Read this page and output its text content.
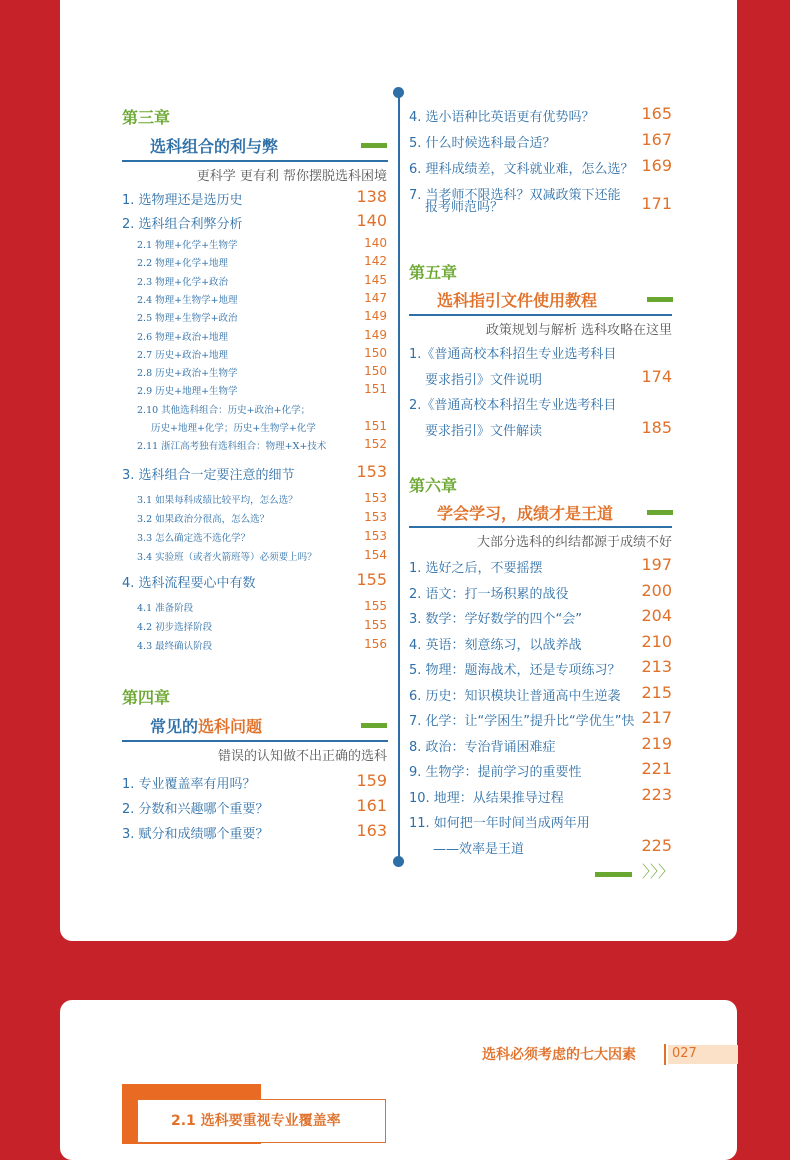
第三章
选科组合的利与弊
更科学 更有利 帮你摆脱选科困境
1. 选物理还是选历史	138
2. 选科组合利弊分析	140
2.1 物理+化学+生物学	140
2.2 物理+化学+地理	142
2.3 物理+化学+政治	145
2.4 物理+生物学+地理	147
2.5 物理+生物学+政治	149
2.6 物理+政治+地理	149
2.7 历史+政治+地理	150
2.8 历史+政治+生物学	150
2.9 历史+地理+生物学	151
2.10 其他选科组合：历史+政治+化学；
历史+地理+化学；历史+生物学+化学	151
2.11 浙江高考独有选科组合：物理+X+技术	152
3. 选科组合一定要注意的细节	153
3.1 如果每科成绩比较平均，怎么选？	153
3.2 如果政治分很高，怎么选？	153
3.3 怎么确定选不选化学？	153
3.4 实验班（或者火箭班等）必须要上吗？	154
4. 选科流程要心中有数	155
4.1 准备阶段	155
4.2 初步选择阶段	155
4.3 最终确认阶段	156
第四章
常见的选科问题
错误的认知做不出正确的选科
1. 专业覆盖率有用吗？	159
2. 分数和兴趣哪个重要？	161
3. 赋分和成绩哪个重要？	163
4. 选小语种比英语更有优势吗？	165
5. 什么时候选科最合适？	167
6. 理科成绩差，文科就业难，怎么选？ 169
7. 当老师不限选科？双减政策下还能
报考师范吗？	171
第五章
选科指引文件使用教程
政策规划与解析 选科攻略在这里
1.《普通高校本科招生专业选考科目
要求指引》文件说明	174
2.《普通高校本科招生专业选考科目
要求指引》文件解读	185
第六章
学会学习，成绩才是王道
大部分选科的纠结都源于成绩不好
1. 选好之后，不要摇摆	197
2. 语文：打一场积累的战役	200
3. 数学：学好数学的四个“会”	204
4. 英语：刻意练习，以战养战	210
5. 物理：题海战术，还是专项练习？ 213
6. 历史：知识模块让普通高中生逆袭 215
7. 化学：让“学困生”提升比“学优生”快 217
8. 政治：专治背诵困难症	219
9. 生物学：提前学习的重要性	221
10. 地理：从结果推导过程	223
11. 如何把一年时间当成两年用
——效率是王道	225
〉〉〉
选科必须考虑的七大因素	027
2.1 选科要重视专业覆盖率
